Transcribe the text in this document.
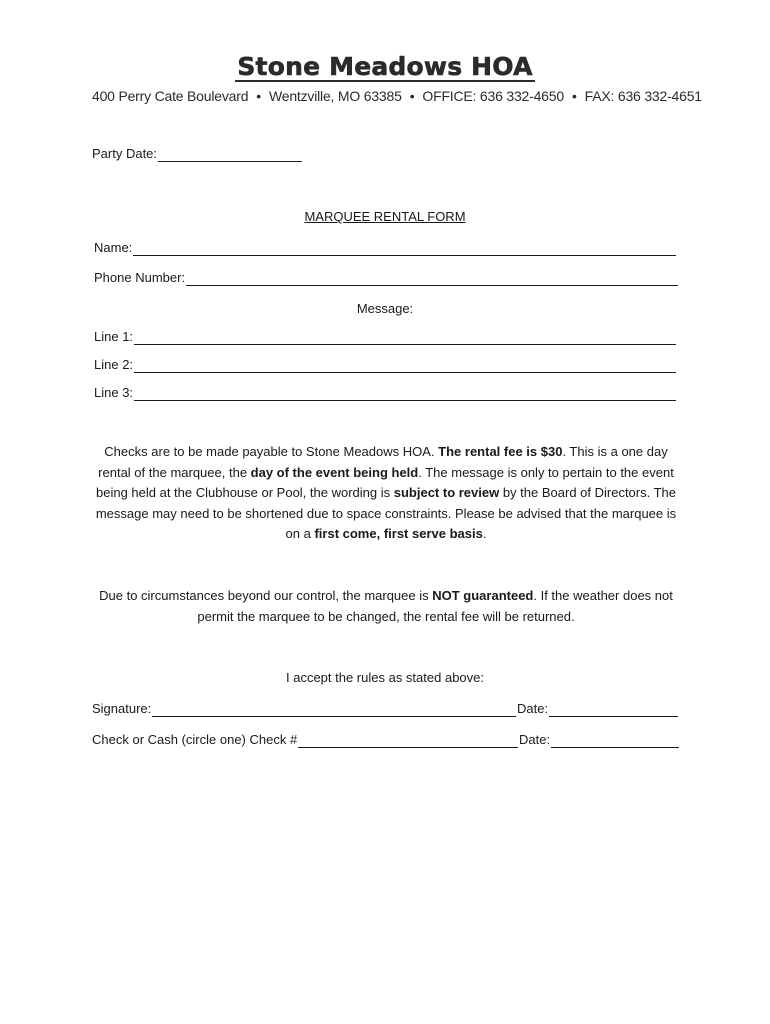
Stone Meadows HOA
400 Perry Cate Boulevard • Wentzville, MO 63385 • OFFICE: 636 332-4650 • FAX: 636 332-4651
Party Date:
MARQUEE RENTAL FORM
Name:
Phone Number:
Message:
Line 1:
Line 2:
Line 3:
Checks are to be made payable to Stone Meadows HOA. The rental fee is $30. This is a one day rental of the marquee, the day of the event being held. The message is only to pertain to the event being held at the Clubhouse or Pool, the wording is subject to review by the Board of Directors. The message may need to be shortened due to space constraints. Please be advised that the marquee is on a first come, first serve basis.
Due to circumstances beyond our control, the marquee is NOT guaranteed. If the weather does not permit the marquee to be changed, the rental fee will be returned.
I accept the rules as stated above:
Signature:	Date:
Check or Cash (circle one) Check #	Date:
